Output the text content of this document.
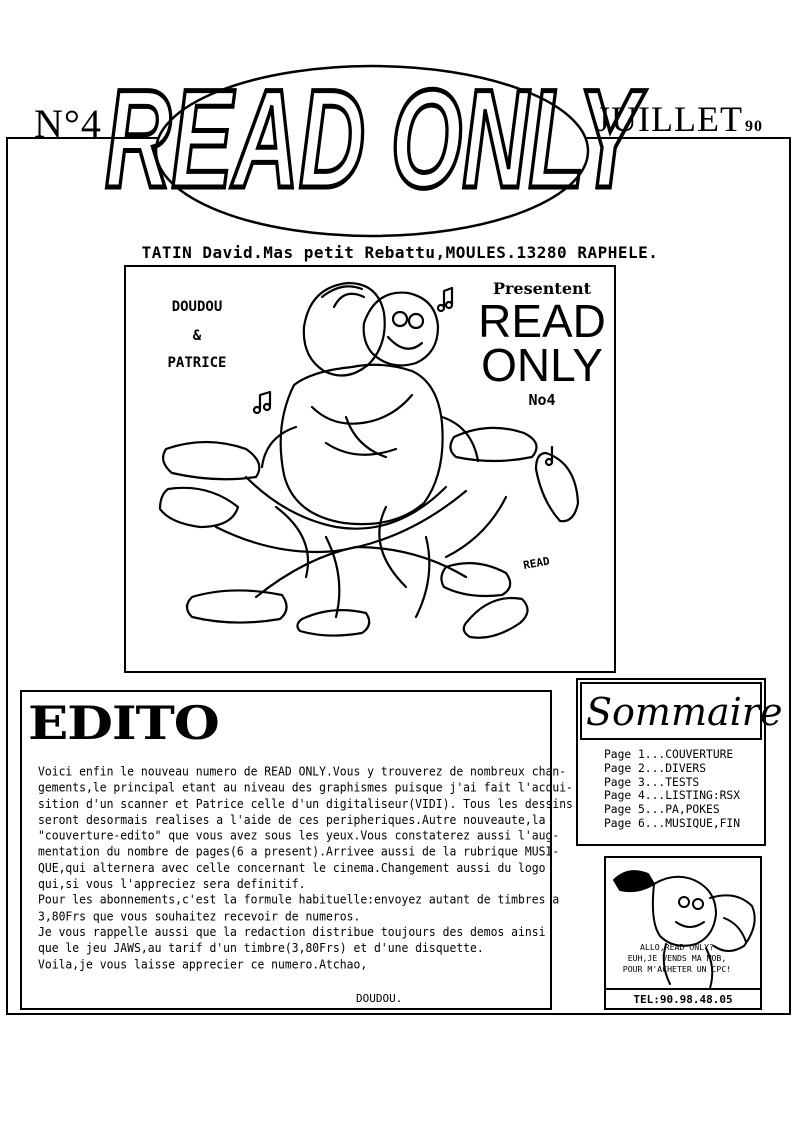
N°4	JUILLET 90
READ ONLY
TATIN David.Mas petit Rebattu,MOULES.13280 RAPHELE.
DOUDOU
&
PATRICE
Presentent
READ
ONLY
No4
READ
EDITO
Voici enfin le nouveau numero de READ ONLY.Vous y trouverez de nombreux chan-
gements,le principal etant au niveau des graphismes puisque j'ai fait l'acqui-
sition d'un scanner et Patrice celle d'un digitaliseur(VIDI). Tous les dessins
seront desormais realises a l'aide de ces peripheriques.Autre nouveaute,la
"couverture-edito" que vous avez sous les yeux.Vous constaterez aussi l'aug-
mentation du nombre de pages(6 a present).Arrivee aussi de la rubrique MUSI-
QUE,qui alternera avec celle concernant le cinema.Changement aussi du logo
qui,si vous l'appreciez sera definitif.
Pour les abonnements,c'est la formule habituelle:envoyez autant de timbres a
3,80Frs que vous souhaitez recevoir de numeros.
Je vous rappelle aussi que la redaction distribue toujours des demos ainsi
que le jeu JAWS,au tarif d'un timbre(3,80Frs) et d'une disquette.
Voila,je vous laisse apprecier ce numero.Atchao,
DOUDOU.
Sommaire
Page 1...COUVERTURE
Page 2...DIVERS
Page 3...TESTS
Page 4...LISTING:RSX
Page 5...PA,POKES
Page 6...MUSIQUE,FIN
ALLO,READ ONLY?
EUH,JE VENDS MA MOB,
POUR M'ACHETER UN CPC!
TEL:90.98.48.05
